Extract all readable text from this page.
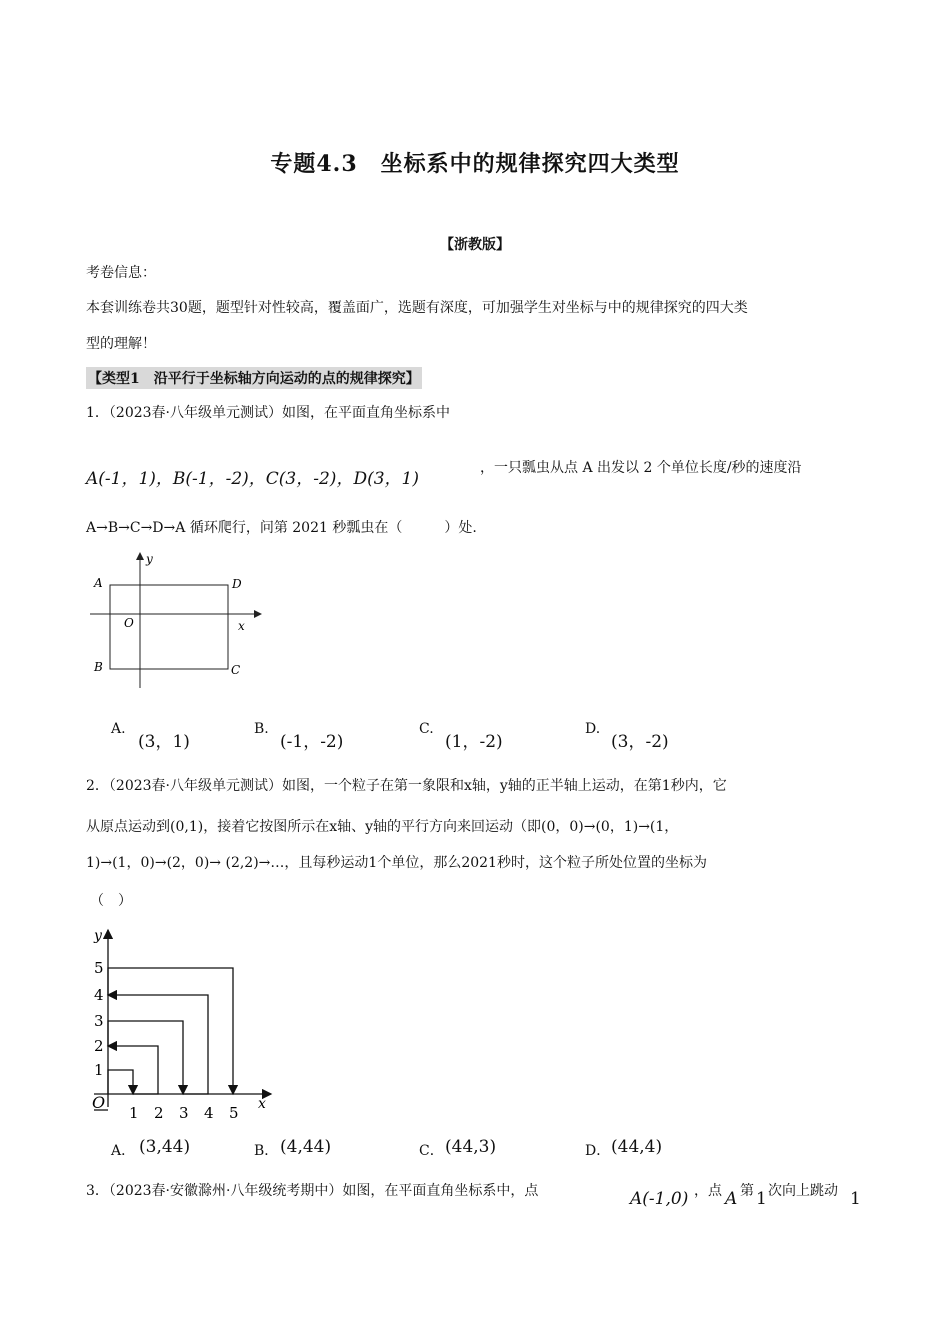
专题4.3　坐标系中的规律探究四大类型
【浙教版】
考卷信息：
本套训练卷共30题，题型针对性较高，覆盖面广，选题有深度，可加强学生对坐标与中的规律探究的四大类
型的理解！
【类型1　沿平行于坐标轴方向运动的点的规律探究】
1．（2023春·八年级单元测试）如图，在平面直角坐标系中
A(-1，1)，B(-1，-2)，C(3，-2)，D(3，1)
，一只瓢虫从点 A 出发以 2 个单位长度/秒的速度沿
A→B→C→D→A 循环爬行，问第 2021 秒瓢虫在（　　　）处.
A
B	C
D
O	x
y
A.
(3，1)
B.
(-1，-2)
C.
(1，-2)
D.
(3，-2)
2．（2023春·八年级单元测试）如图，一个粒子在第一象限和x轴，y轴的正半轴上运动，在第1秒内，它
从原点运动到(0,1)，接着它按图所示在x轴、y轴的平行方向来回运动（即(0，0)→(0，1)→(1，
1)→(1，0)→(2，0)→ (2,2)→…，且每秒运动1个单位，那么2021秒时，这个粒子所处位置的坐标为
（　）
O	x
y
1 2 3 4 5
1
2
3
4
5
A． (3,44)	B． (4,44)	C． (44,3)	D． (44,4)
3．（2023春·安徽滁州·八年级统考期中）如图，在平面直角坐标系中，点	A(-1,0) ，点 A 第 1 次向上跳动 1
